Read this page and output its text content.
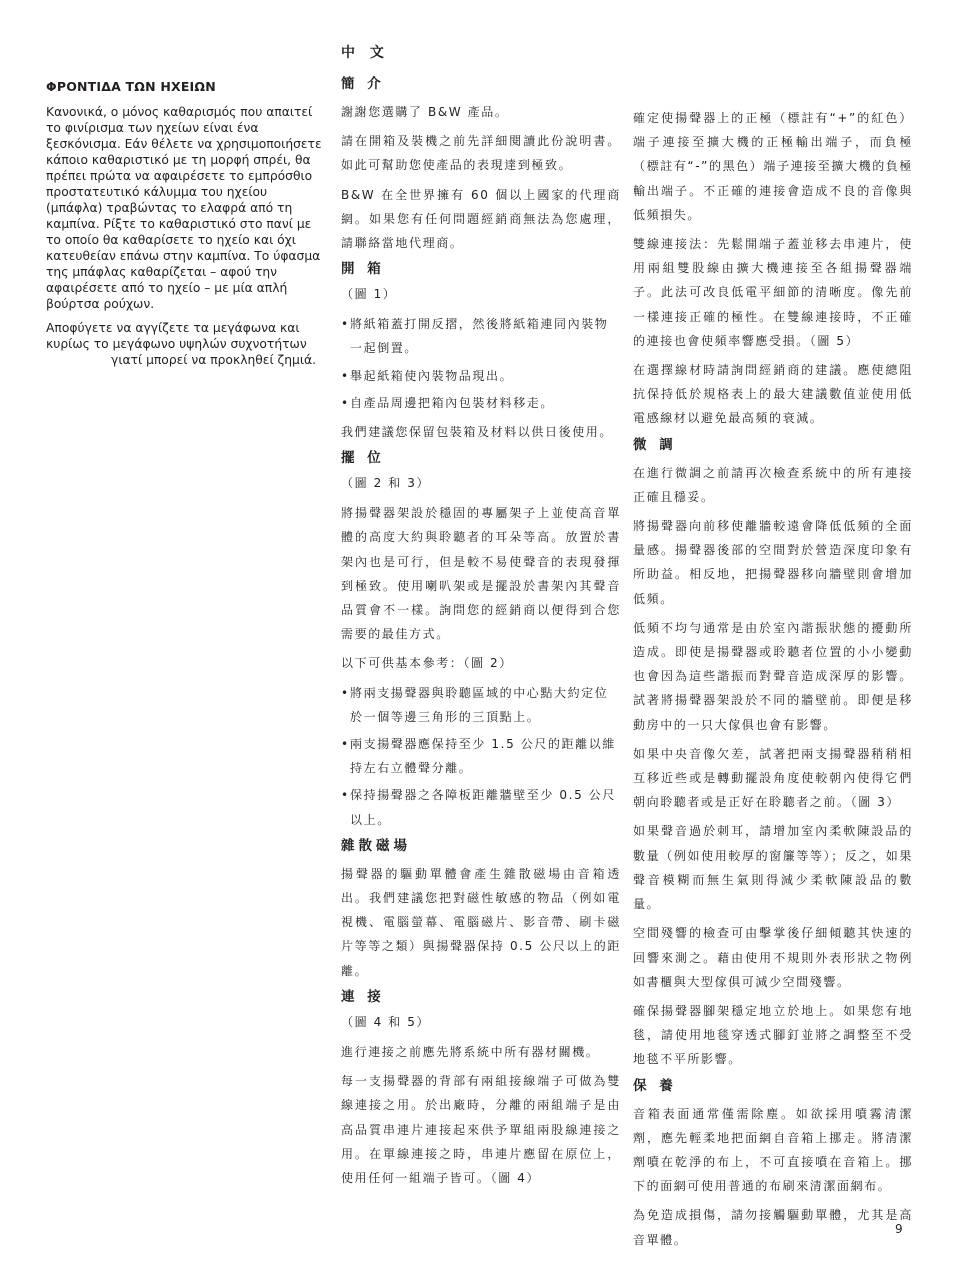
ΦΡΟΝΤΙΔΑ ΤΩΝ ΗΧΕΙΩΝ

Κανονικά, ο μόνος καθαρισμός που απαιτεί το φινίρισμα των ηχείων είναι ένα ξεσκόνισμα. Εάν θέλετε να χρησιμοποιήσετε κάποιο καθαριστικό με τη μορφή σπρέι, θα πρέπει πρώτα να αφαιρέσετε το εμπρόσθιο προστατευτικό κάλυμμα του ηχείου (μπάφλα) τραβώντας το ελαφρά από τη καμπίνα. Ρίξτε το καθαριστικό στο πανί με το οποίο θα καθαρίσετε το ηχείο και όχι κατευθείαν επάνω στην καμπίνα. Το ύφασμα της μπάφλας καθαρίζεται – αφού την αφαιρέσετε από το ηχείο – με μία απλή βούρτσα ρούχων.

Αποφύγετε να αγγίζετε τα μεγάφωνα και
κυρίως το μεγάφωνο υψηλών συχνοτήτων
γιατί μπορεί να προκληθεί ζημιά.

中 文
簡 介

謝謝您選購了 B&W 產品。

請在開箱及裝機之前先詳細閱讀此份說明書。如此可幫助您使產品的表現達到極致。

B&W 在全世界擁有 60 個以上國家的代理商網。如果您有任何問題經銷商無法為您處理，請聯絡當地代理商。

開 箱
（圖 1）
• 將紙箱蓋打開反摺，然後將紙箱連同內裝物一起倒置。
• 舉起紙箱使內裝物品現出。
• 自產品周邊把箱內包裝材料移走。

我們建議您保留包裝箱及材料以供日後使用。

擺 位
（圖 2 和 3）

將揚聲器架設於穩固的專屬架子上並使高音單體的高度大約與聆聽者的耳朵等高。放置於書架內也是可行，但是較不易使聲音的表現發揮到極致。使用喇叭架或是擺設於書架內其聲音品質會不一樣。詢問您的經銷商以便得到合您需要的最佳方式。

以下可供基本參考：（圖 2）

• 將兩支揚聲器與聆聽區域的中心點大約定位於一個等邊三角形的三頂點上。
• 兩支揚聲器應保持至少 1.5 公尺的距離以維持左右立體聲分離。
• 保持揚聲器之各障板距離牆壁至少 0.5 公尺以上。
雜散磁場

揚聲器的驅動單體會產生雜散磁場由音箱透出。我們建議您把對磁性敏感的物品（例如電視機、電腦螢幕、電腦磁片、影音帶、刷卡磁片等等之類）與揚聲器保持 0.5 公尺以上的距離。

連 接
（圖 4 和 5）

進行連接之前應先將系統中所有器材關機。

每一支揚聲器的背部有兩組接線端子可做為雙線連接之用。於出廠時，分離的兩組端子是由高品質串連片連接起來供予單組兩股線連接之用。在單線連接之時，串連片應留在原位上，使用任何一組端子皆可。（圖 4）

確定使揚聲器上的正極（標註有“+”的紅色）端子連接至擴大機的正極輸出端子，而負極（標註有“-”的黑色）端子連接至擴大機的負極輸出端子。不正確的連接會造成不良的音像與低頻損失。

雙線連接法：先鬆開端子蓋並移去串連片，使用兩組雙股線由擴大機連接至各組揚聲器端子。此法可改良低電平細節的清晰度。像先前一樣連接正確的極性。在雙線連接時，不正確的連接也會使頻率響應受損。（圖 5）

在選擇線材時請詢問經銷商的建議。應使總阻抗保持低於規格表上的最大建議數值並使用低電感線材以避免最高頻的衰減。

微 調

在進行微調之前請再次檢查系統中的所有連接正確且穩妥。

將揚聲器向前移使離牆較遠會降低低頻的全面量感。揚聲器後部的空間對於營造深度印象有所助益。相反地，把揚聲器移向牆壁則會增加低頻。

低頻不均勻通常是由於室內諧振狀態的擾動所造成。即使是揚聲器或聆聽者位置的小小變動也會因為這些諧振而對聲音造成深厚的影響。試著將揚聲器架設於不同的牆壁前。即便是移動房中的一只大傢俱也會有影響。

如果中央音像欠差，試著把兩支揚聲器稍稍相互移近些或是轉動擺設角度使較朝內使得它們朝向聆聽者或是正好在聆聽者之前。（圖 3）

如果聲音過於刺耳，請增加室內柔軟陳設品的數量（例如使用較厚的窗簾等等）；反之，如果聲音模糊而無生氣則得減少柔軟陳設品的數量。

空間殘響的檢查可由擊掌後仔細傾聽其快速的回響來測之。藉由使用不規則外表形狀之物例如書櫃與大型傢俱可減少空間殘響。

確保揚聲器腳架穩定地立於地上。如果您有地毯，請使用地毯穿透式腳釘並將之調整至不受地毯不平所影響。

保 養

音箱表面通常僅需除塵。如欲採用噴霧清潔劑，應先輕柔地把面網自音箱上挪走。將清潔劑噴在乾淨的布上，不可直接噴在音箱上。挪下的面網可使用普通的布刷來清潔面網布。

為免造成損傷，請勿接觸驅動單體，尤其是高音單體。

9
